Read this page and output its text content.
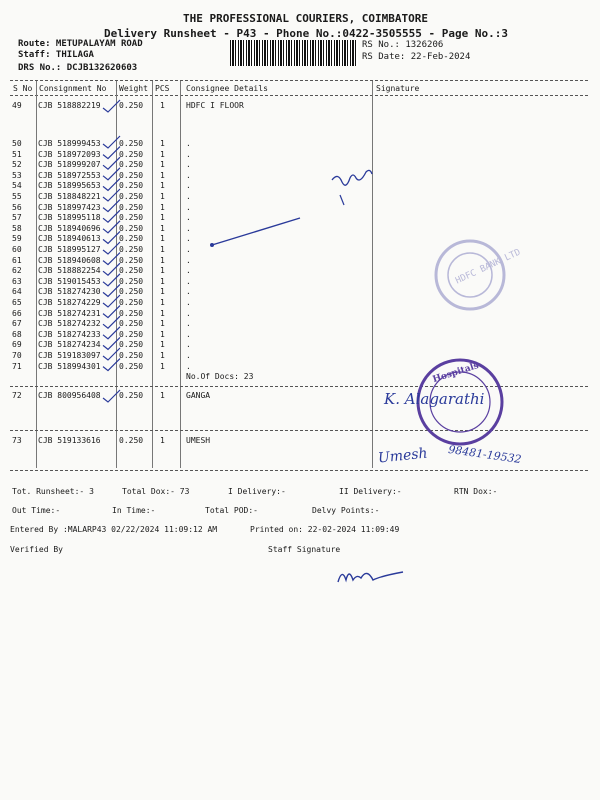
THE PROFESSIONAL COURIERS, COIMBATORE
Delivery Runsheet - P43 - Phone No.:0422-3505555 - Page No.:3
Route: METUPALAYAM ROAD
Staff: THILAGA
DRS No.: DCJB132620603
RS No.: 1326206
RS Date: 22-Feb-2024
S No Consignment No Weight PCS Consignee Details	Signature
49 CJB 518882219 0.250 1	HDFC I FLOOR
50 CJB 518999453 0.250 1	.
51 CJB 518972093 0.250 1	.
52 CJB 518999207 0.250 1	.
53 CJB 518972553 0.250 1	.
54 CJB 518995653 0.250 1	.
55 CJB 518848221 0.250 1	.
56 CJB 518997423 0.250 1	.
57 CJB 518995118 0.250 1	.
58 CJB 518940696 0.250 1	.
59 CJB 518940613 0.250 1	.
60 CJB 518995127 0.250 1	.
61 CJB 518940608 0.250 1	.
62 CJB 518882254 0.250 1	.
63 CJB 519015453 0.250 1	.
64 CJB 518274230 0.250 1	.
65 CJB 518274229 0.250 1	.
66 CJB 518274231 0.250 1	.
67 CJB 518274232 0.250 1	.
68 CJB 518274233 0.250 1	.
69 CJB 518274234 0.250 1	.
70 CJB 519183097 0.250 1	.
71 CJB 518994301 0.250 1	.
No.Of Docs: 23
72 CJB 800956408 0.250 1	GANGA
73 CJB 519133616 0.250 1	UMESH
Tot. Runsheet:- 3	Total Dox:- 73	I Delivery:-	II Delivery:-	RTN Dox:-
Out Time:-	In Time:-	Total POD:-	Delvy Points:-
Entered By :MALARP43 02/22/2024 11:09:12 AM	Printed on: 22-02-2024 11:09:49
Verified By	Staff Signature
HDFC BANK LTD
Hospitals
K. Alagarathi
Umesh 98481-19532
